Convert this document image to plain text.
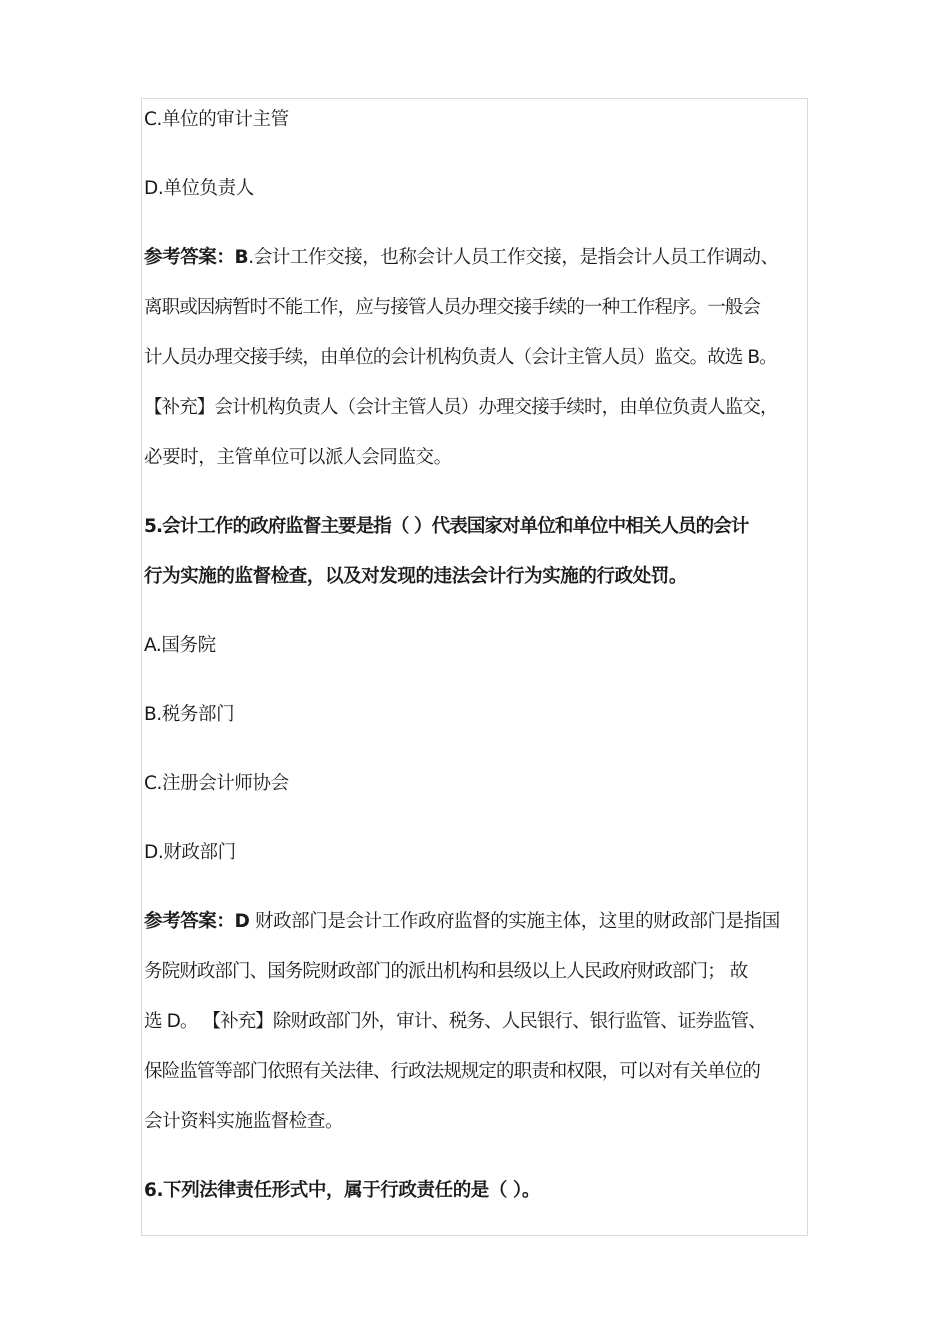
C.单位的审计主管
D.单位负责人
参考答案：B.会计工作交接，也称会计人员工作交接，是指会计人员工作调动、
离职或因病暂时不能工作，应与接管人员办理交接手续的一种工作程序。一般会
计人员办理交接手续，由单位的会计机构负责人（会计主管人员）监交。故选 B。
【补充】会计机构负责人（会计主管人员）办理交接手续时，由单位负责人监交，
必要时，主管单位可以派人会同监交。
5.会计工作的政府监督主要是指（ ）代表国家对单位和单位中相关人员的会计
行为实施的监督检查，以及对发现的违法会计行为实施的行政处罚。
A.国务院
B.税务部门
C.注册会计师协会
D.财政部门
参考答案：D 财政部门是会计工作政府监督的实施主体，这里的财政部门是指国
务院财政部门、国务院财政部门的派出机构和县级以上人民政府财政部门； 故
选 D。 【补充】除财政部门外，审计、税务、人民银行、银行监管、证券监管、
保险监管等部门依照有关法律、行政法规规定的职责和权限，可以对有关单位的
会计资料实施监督检查。
6.下列法律责任形式中，属于行政责任的是（ ）。
